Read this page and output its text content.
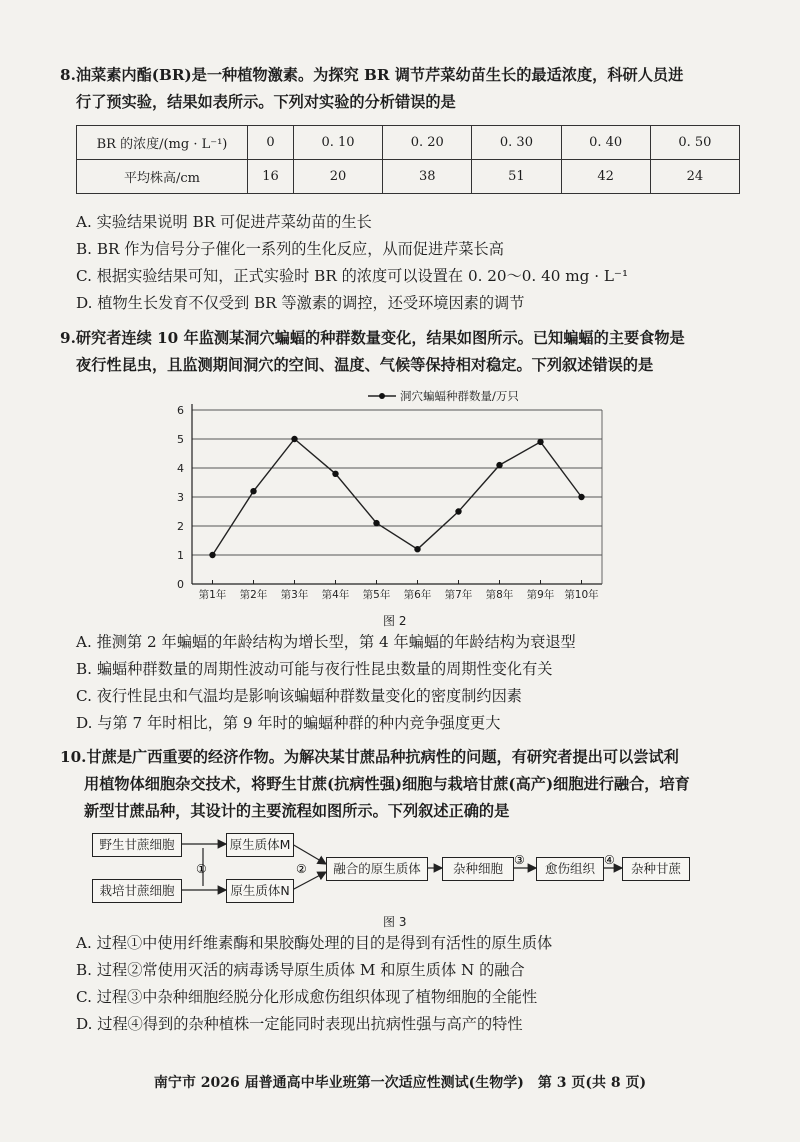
8.油菜素内酯(BR)是一种植物激素。为探究 BR 调节芹菜幼苗生长的最适浓度，科研人员进
行了预实验，结果如表所示。下列对实验的分析错误的是
BR 的浓度/(mg · L⁻¹)	0	0. 10	0. 20	0. 30	0. 40	0. 50
平均株高/cm	16	20	38	51	42	24
A. 实验结果说明 BR 可促进芹菜幼苗的生长
B. BR 作为信号分子催化一系列的生化反应，从而促进芹菜长高
C. 根据实验结果可知，正式实验时 BR 的浓度可以设置在 0. 20～0. 40 mg · L⁻¹
D. 植物生长发育不仅受到 BR 等激素的调控，还受环境因素的调节
9.研究者连续 10 年监测某洞穴蝙蝠的种群数量变化，结果如图所示。已知蝙蝠的主要食物是
夜行性昆虫，且监测期间洞穴的空间、温度、气候等保持相对稳定。下列叙述错误的是
0
1
2
3
4
5
6
第1年 第2年 第3年 第4年 第5年 第6年 第7年 第8年 第9年 第10年
洞穴蝙蝠种群数量/万只
图 2
A. 推测第 2 年蝙蝠的年龄结构为增长型，第 4 年蝙蝠的年龄结构为衰退型
B. 蝙蝠种群数量的周期性波动可能与夜行性昆虫数量的周期性变化有关
C. 夜行性昆虫和气温均是影响该蝙蝠种群数量变化的密度制约因素
D. 与第 7 年时相比，第 9 年时的蝙蝠种群的种内竞争强度更大
10.甘蔗是广西重要的经济作物。为解决某甘蔗品种抗病性的问题，有研究者提出可以尝试利
用植物体细胞杂交技术，将野生甘蔗(抗病性强)细胞与栽培甘蔗(高产)细胞进行融合，培育
新型甘蔗品种，其设计的主要流程如图所示。下列叙述正确的是
①	②
③	④
野生甘蔗细胞
栽培甘蔗细胞
原生质体M
原生质体N
融合的原生质体	杂种细胞	愈伤组织	杂种甘蔗
图 3
A. 过程①中使用纤维素酶和果胶酶处理的目的是得到有活性的原生质体
B. 过程②常使用灭活的病毒诱导原生质体 M 和原生质体 N 的融合
C. 过程③中杂种细胞经脱分化形成愈伤组织体现了植物细胞的全能性
D. 过程④得到的杂种植株一定能同时表现出抗病性强与高产的特性
南宁市 2026 届普通高中毕业班第一次适应性测试(生物学)　第 3 页(共 8 页)
